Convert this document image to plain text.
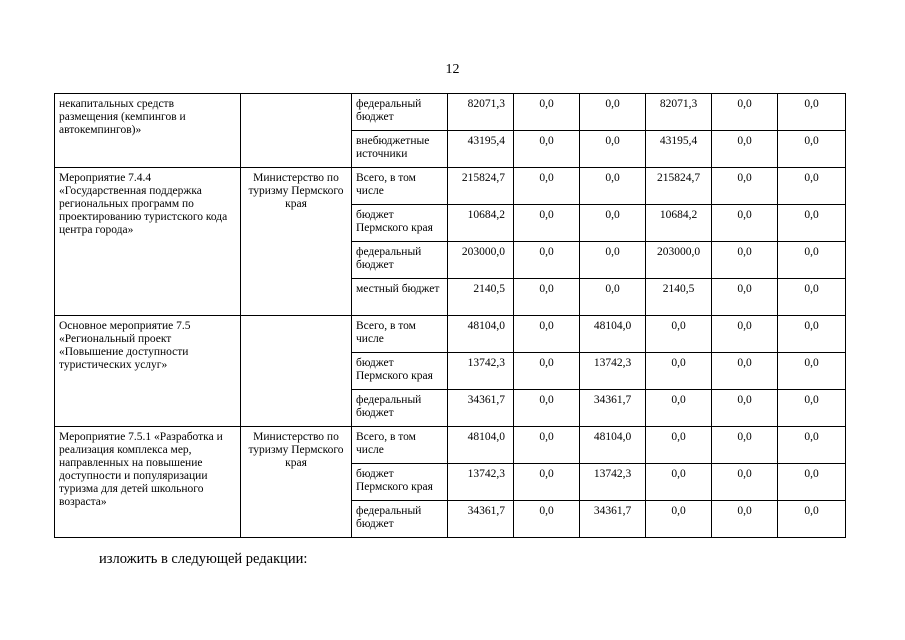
12
некапитальных средств размещения (кемпингов и автокемпингов)»		федеральный бюджет	82071,3	0,0	0,0	82071,3	0,0	0,0
		внебюджетные источники	43195,4	0,0	0,0	43195,4	0,0	0,0
Мероприятие 7.4.4 «Государственная поддержка региональных программ по проектированию туристского кода центра города»	Министерство по туризму Пермского края	Всего, в том числе	215824,7	0,0	0,0	215824,7	0,0	0,0
		бюджет Пермского края	10684,2	0,0	0,0	10684,2	0,0	0,0
		федеральный бюджет	203000,0	0,0	0,0	203000,0	0,0	0,0
		местный бюджет	2140,5	0,0	0,0	2140,5	0,0	0,0
Основное мероприятие 7.5 «Региональный проект «Повышение доступности туристических услуг»		Всего, в том числе	48104,0	0,0	48104,0	0,0	0,0	0,0
		бюджет Пермского края	13742,3	0,0	13742,3	0,0	0,0	0,0
		федеральный бюджет	34361,7	0,0	34361,7	0,0	0,0	0,0
Мероприятие 7.5.1 «Разработка и реализация комплекса мер, направленных на повышение доступности и популяризации туризма для детей школьного возраста»	Министерство по туризму Пермского края	Всего, в том числе	48104,0	0,0	48104,0	0,0	0,0	0,0
		бюджет Пермского края	13742,3	0,0	13742,3	0,0	0,0	0,0
		федеральный бюджет	34361,7	0,0	34361,7	0,0	0,0	0,0
изложить в следующей редакции:
